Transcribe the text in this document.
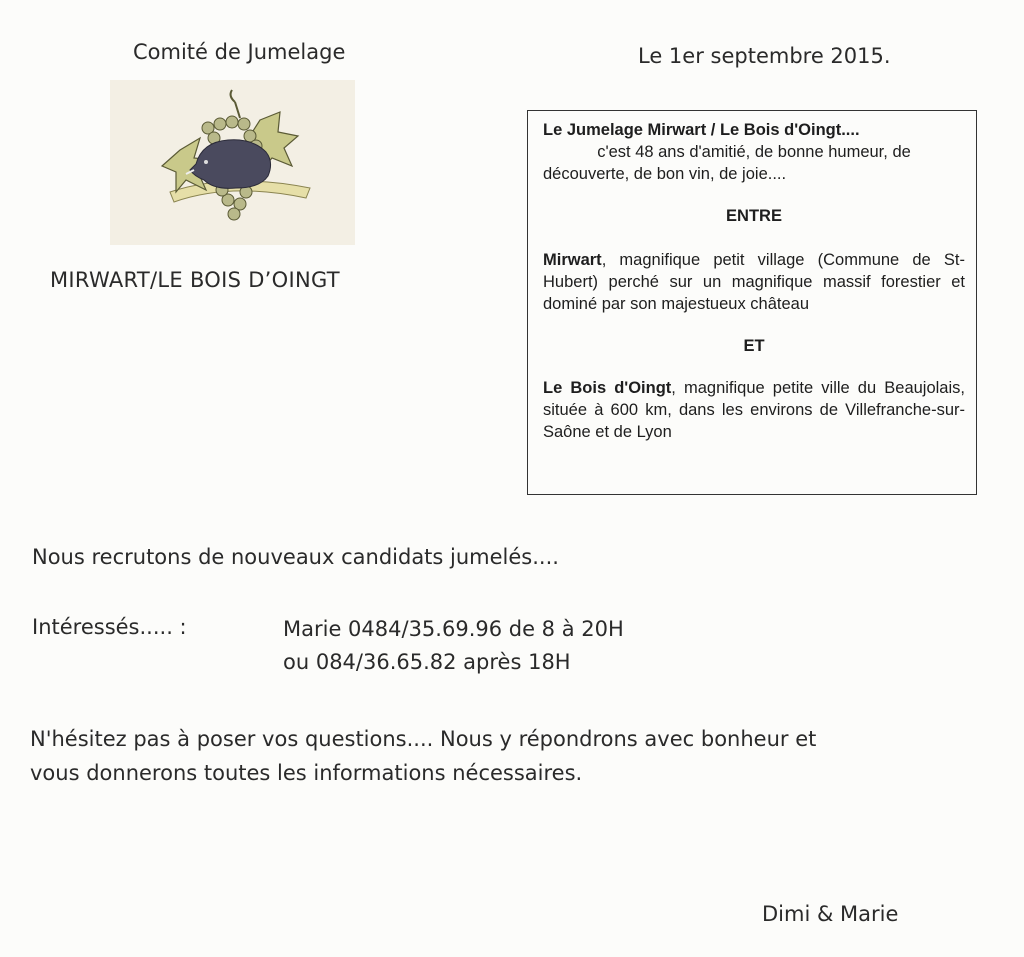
Comité de Jumelage	Le 1er septembre 2015.
MIRWART/LE BOIS D’OINGT

Le Jumelage Mirwart / Le Bois d'Oingt....

c'est 48 ans d'amitié, de bonne humeur, de

découverte, de bon vin, de joie....

ENTRE

Mirwart, magnifique petit village (Commune de St-Hubert) perché sur un magnifique massif forestier et dominé par son majestueux château

ET

Le Bois d'Oingt, magnifique petite ville du Beaujolais, située à 600 km, dans les environs de Villefranche-sur-Saône et de Lyon

Nous recrutons de nouveaux candidats jumelés....
Intéressés..... :	Marie 0484/35.69.96 de 8 à 20H
ou 084/36.65.82 après 18H
N'hésitez pas à poser vos questions.... Nous y répondrons avec bonheur et
vous donnerons toutes les informations nécessaires.
Dimi & Marie
